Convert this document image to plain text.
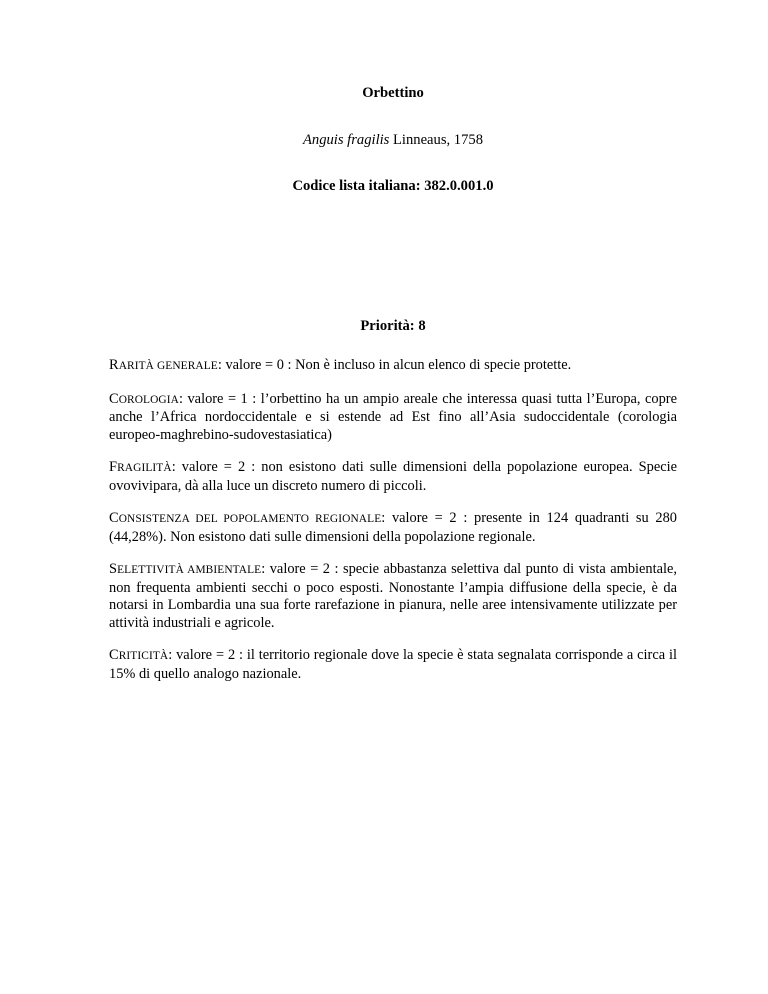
Orbettino

Anguis fragilis Linneaus, 1758

Codice lista italiana: 382.0.001.0

Priorità: 8

RARITÀ GENERALE: valore = 0 : Non è incluso in alcun elenco di specie protette.

COROLOGIA: valore = 1 : l’orbettino ha un ampio areale che interessa quasi tutta l’Europa, copre anche l’Africa nordoccidentale e si estende ad Est fino all’Asia sudoccidentale (corologia europeo-maghrebino-sudovestasiatica)

FRAGILITÀ: valore = 2 : non esistono dati sulle dimensioni della popolazione europea. Specie ovovivipara, dà alla luce un discreto numero di piccoli.

CONSISTENZA DEL POPOLAMENTO REGIONALE: valore = 2 : presente in 124 quadranti su 280 (44,28%). Non esistono dati sulle dimensioni della popolazione regionale.

SELETTIVITÀ AMBIENTALE: valore = 2 : specie abbastanza selettiva dal punto di vista ambientale, non frequenta ambienti secchi o poco esposti. Nonostante l’ampia diffusione della specie, è da notarsi in Lombardia una sua forte rarefazione in pianura, nelle aree intensivamente utilizzate per attività industriali e agricole.

CRITICITÀ: valore = 2 : il territorio regionale dove la specie è stata segnalata corrisponde a circa il 15% di quello analogo nazionale.
